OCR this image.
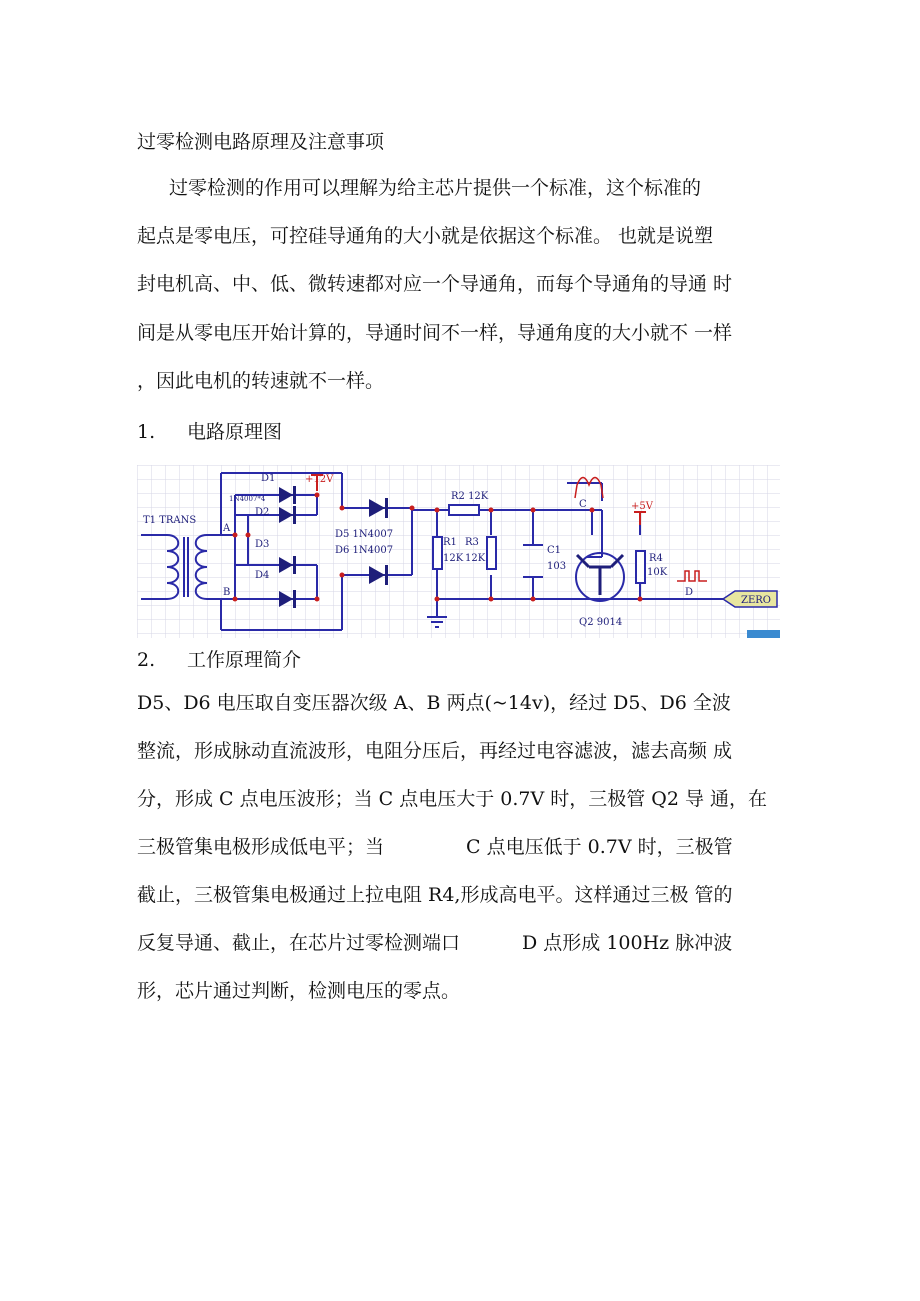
过零检测电路原理及注意事项
过零检测的作用可以理解为给主芯片提供一个标准，这个标准的
起点是零电压，可控硅导通角的大小就是依据这个标准。 也就是说塑
封电机高、中、低、微转速都对应一个导通角，而每个导通角的导通 时
间是从零电压开始计算的，导通时间不一样，导通角度的大小就不 一样
，因此电机的转速就不一样。
1. 电路原理图
T1 TRANS
A
B
D1
1N4007*4
D2
D3
D4
+12V
D5 1N4007
D6 1N4007
R2 12K
R1
12K
R3
12K
C1
103
C	+5V
R4
10K
D
ZERO
Q2 9014
2. 工作原理简介
D5、D6 电压取自变压器次级 A、B 两点(~14v)，经过 D5、D6 全波
整流，形成脉动直流波形，电阻分压后，再经过电容滤波，滤去高频 成
分，形成 C 点电压波形；当 C 点电压大于 0.7V 时，三极管 Q2 导 通，在
三极管集电极形成低电平；当	C 点电压低于 0.7V 时，三极管
截止，三极管集电极通过上拉电阻 R4,形成高电平。这样通过三极 管的
反复导通、截止，在芯片过零检测端口	D 点形成 100Hz 脉冲波
形，芯片通过判断，检测电压的零点。
